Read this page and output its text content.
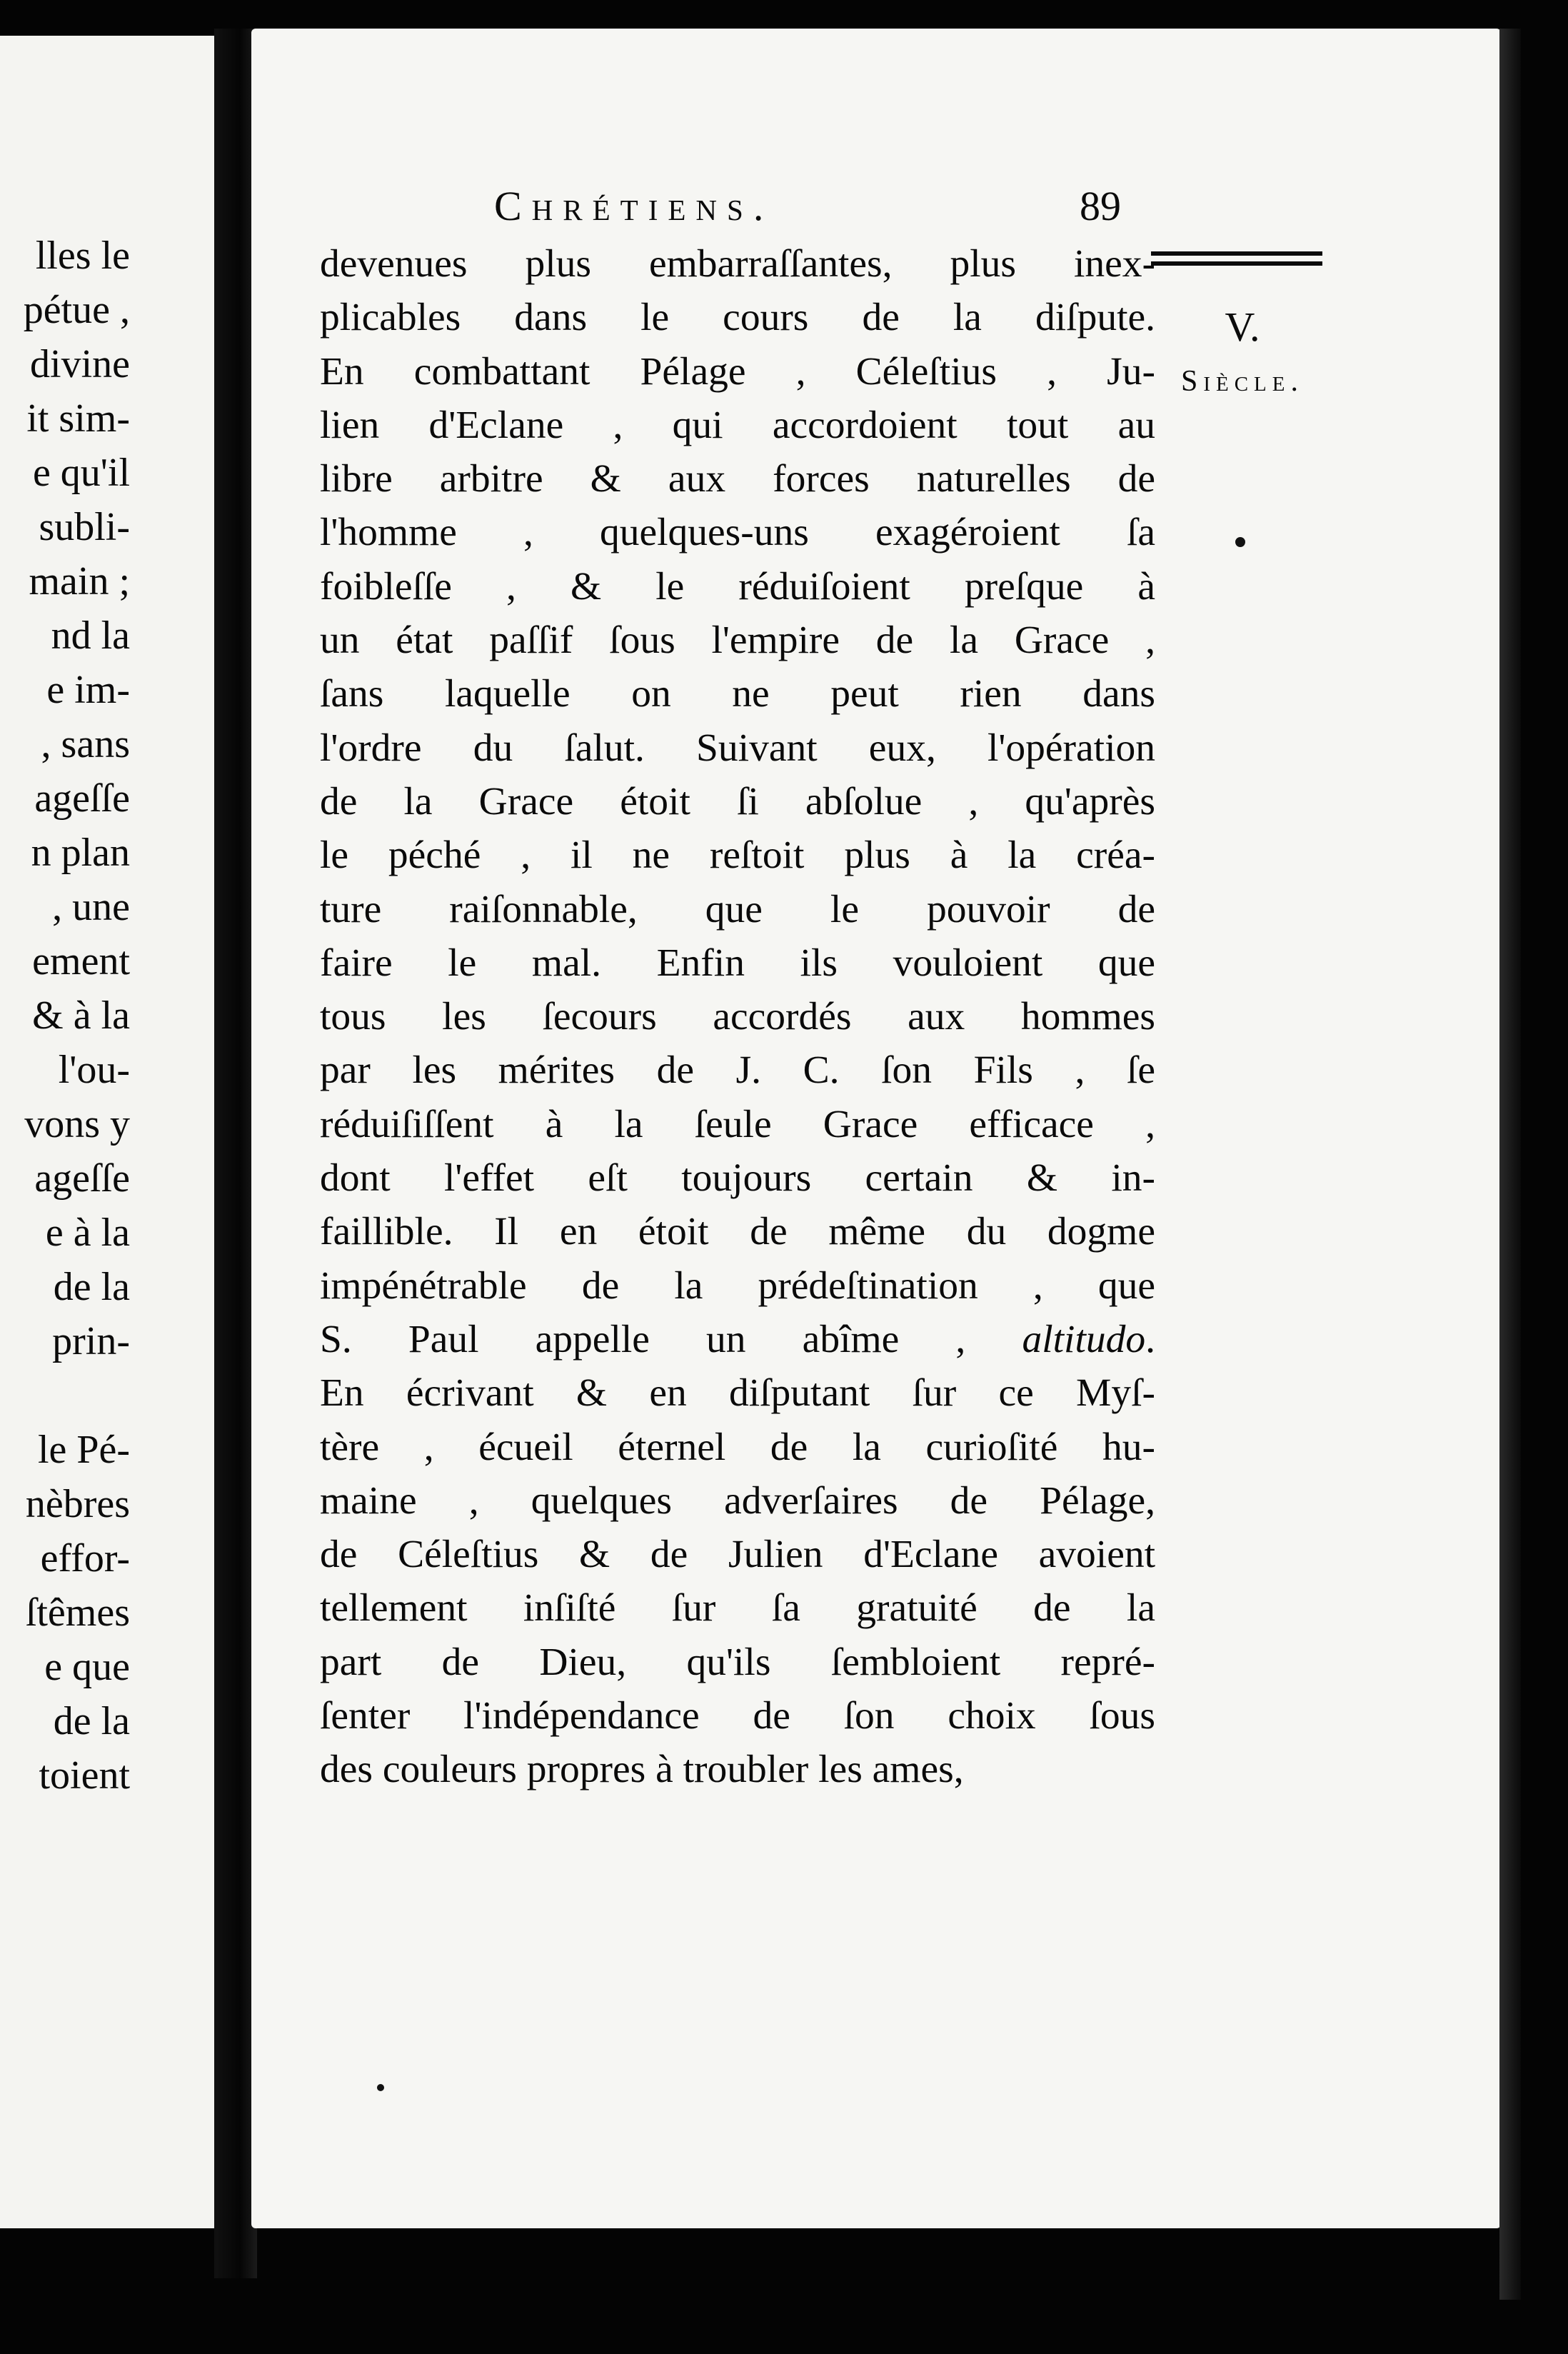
lles le
pétue ,
divine
it sim-
e qu'il
subli-
main ;
nd la
e im-
, sans
ageſſe
n plan
, une
ement
& à la
l'ou-
vons y
ageſſe
e à la
de la
prin-
le Pé-
nèbres
effor-
ſtêmes
e que
de la
toient
Chrétiens.	89
devenues plus embarraſſantes, plus inex-
plicables dans le cours de la diſpute.
En combattant Pélage , Céleſtius , Ju-
lien d'Eclane , qui accordoient tout au
libre arbitre & aux forces naturelles de
l'homme , quelques-uns exagéroient ſa
foibleſſe , & le réduiſoient preſque à
un état paſſif ſous l'empire de la Grace ,
ſans laquelle on ne peut rien dans
l'ordre du ſalut. Suivant eux, l'opération
de la Grace étoit ſi abſolue , qu'après
le péché , il ne reſtoit plus à la créa-
ture raiſonnable, que le pouvoir de
faire le mal. Enfin ils vouloient que
tous les ſecours accordés aux hommes
par les mérites de J. C. ſon Fils , ſe
réduiſiſſent à la ſeule Grace efficace ,
dont l'effet eſt toujours certain & in-
faillible. Il en étoit de même du dogme
impénétrable de la prédeſtination , que
S. Paul appelle un abîme , altitudo.
En écrivant & en diſputant ſur ce Myſ-
tère , écueil éternel de la curioſité hu-
maine , quelques adverſaires de Pélage,
de Céleſtius & de Julien d'Eclane avoient
tellement inſiſté ſur ſa gratuité de la
part de Dieu, qu'ils ſembloient repré-
ſenter l'indépendance de ſon choix ſous
des couleurs propres à troubler les ames,
V.
Siècle.
